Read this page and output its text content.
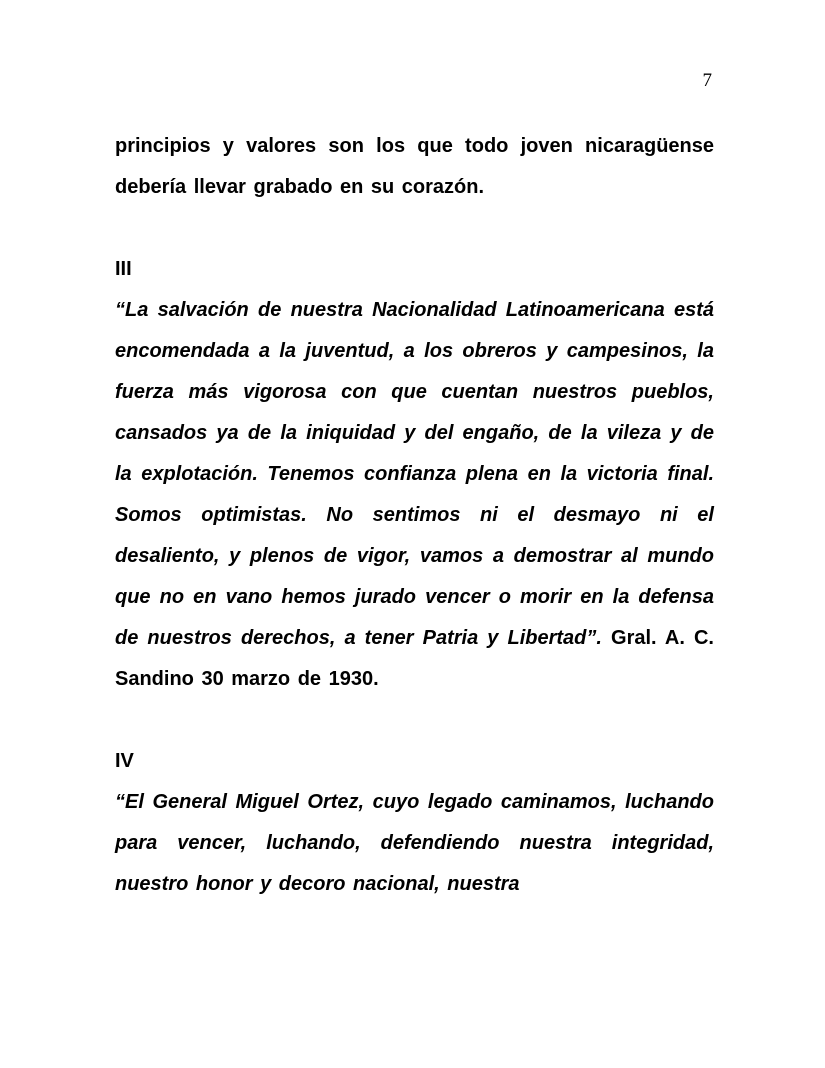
7

principios y valores son los que todo joven nicaragüense debería llevar grabado en su corazón.

III

“La salvación de nuestra Nacionalidad Latinoamericana está encomendada a la juventud, a los obreros y campesinos, la fuerza más vigorosa con que cuentan nuestros pueblos, cansados ya de la iniquidad y del engaño, de la vileza y de la explotación. Tenemos confianza plena en la victoria final. Somos optimistas. No sentimos ni el desmayo ni el desaliento, y plenos de vigor, vamos a demostrar al mundo que no en vano hemos jurado vencer o morir en la defensa de nuestros derechos, a tener Patria y Libertad”. Gral. A. C. Sandino 30 marzo de 1930.

IV

“El General Miguel Ortez, cuyo legado caminamos, luchando para vencer, luchando, defendiendo nuestra integridad, nuestro honor y decoro nacional, nuestra
